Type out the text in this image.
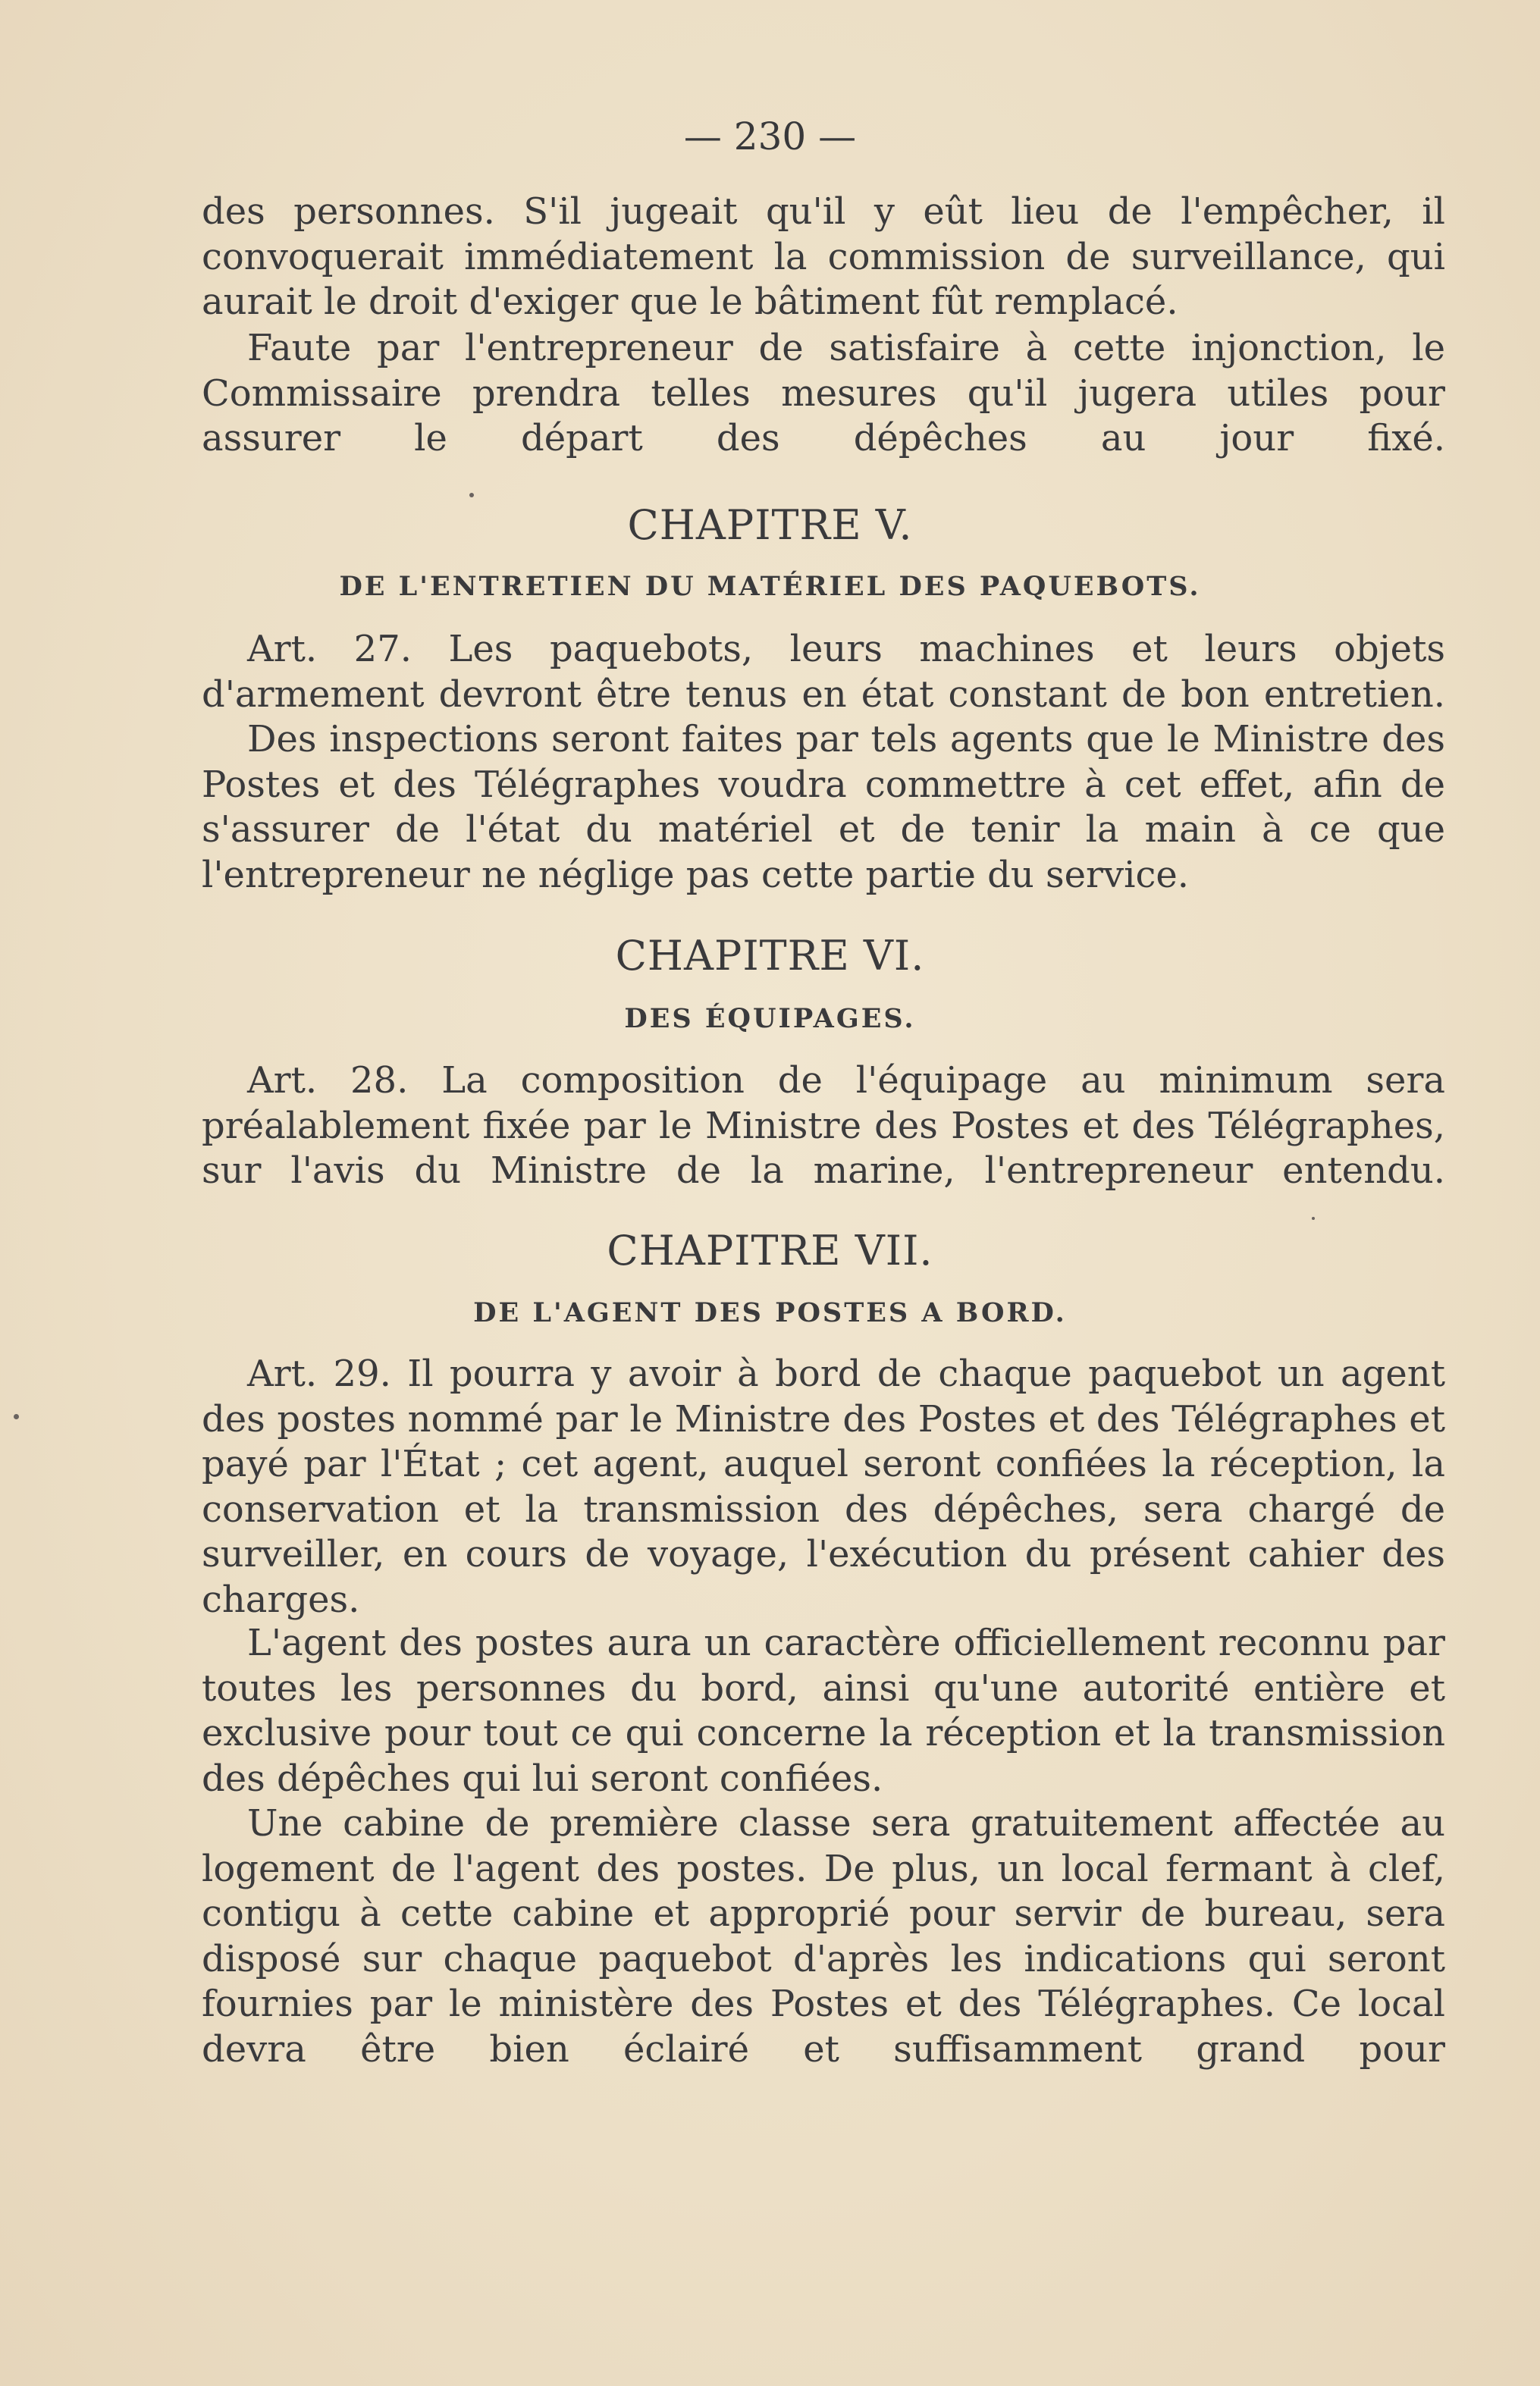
— 230 —

des personnes. S'il jugeait qu'il y eût lieu de l'empêcher, il convoquerait immédiatement la commission de surveillance, qui aurait le droit d'exiger que le bâtiment fût remplacé.

Faute par l'entrepreneur de satisfaire à cette injonction, le Commissaire prendra telles mesures qu'il jugera utiles pour assurer le départ des dépêches au jour fixé.

CHAPITRE V.
DE L'ENTRETIEN DU MATÉRIEL DES PAQUEBOTS.

Art. 27. Les paquebots, leurs machines et leurs objets d'armement devront être tenus en état constant de bon entretien.

Des inspections seront faites par tels agents que le Ministre des Postes et des Télégraphes voudra commettre à cet effet, afin de s'assurer de l'état du matériel et de tenir la main à ce que l'entrepreneur ne néglige pas cette partie du service.

CHAPITRE VI.
DES ÉQUIPAGES.

Art. 28. La composition de l'équipage au minimum sera préalablement fixée par le Ministre des Postes et des Télégraphes, sur l'avis du Ministre de la marine, l'entrepreneur entendu.

CHAPITRE VII.
DE L'AGENT DES POSTES A BORD.

Art. 29. Il pourra y avoir à bord de chaque paquebot un agent des postes nommé par le Ministre des Postes et des Télégraphes et payé par l'État ; cet agent, auquel seront confiées la réception, la conservation et la transmission des dépêches, sera chargé de surveiller, en cours de voyage, l'exécution du présent cahier des charges.

L'agent des postes aura un caractère officiellement reconnu par toutes les personnes du bord, ainsi qu'une autorité entière et exclusive pour tout ce qui concerne la réception et la transmission des dépêches qui lui seront confiées.

Une cabine de première classe sera gratuitement affectée au logement de l'agent des postes. De plus, un local fermant à clef, contigu à cette cabine et approprié pour servir de bureau, sera disposé sur chaque paquebot d'après les indications qui seront fournies par le ministère des Postes et des Télégraphes. Ce local devra être bien éclairé et suffisamment grand pour
